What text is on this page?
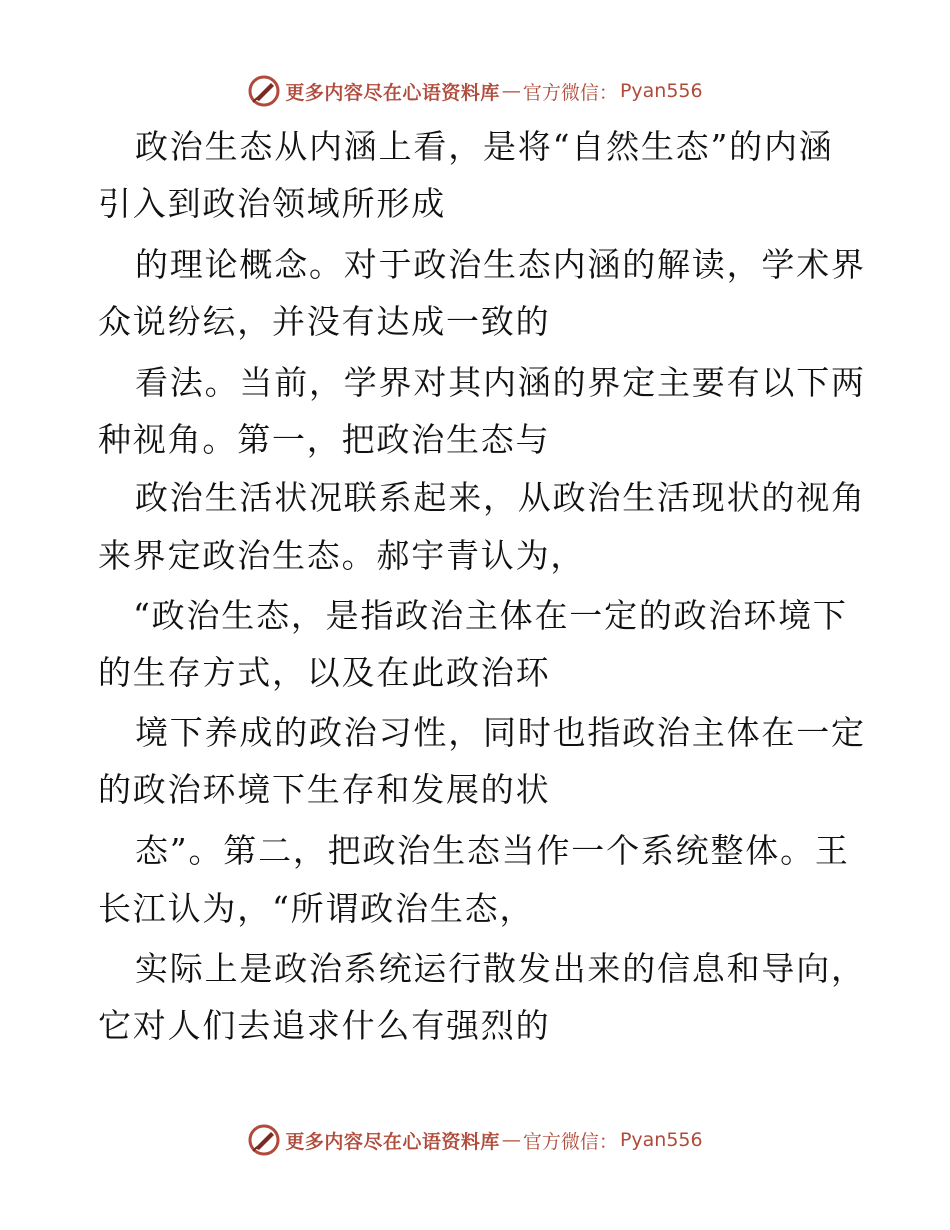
更多内容尽在心语资料库 — 官方微信： Pyan556
政治生态从内涵上看，是将“自然生态”的内涵
引入到政治领域所形成
的理论概念。对于政治生态内涵的解读，学术界
众说纷纭，并没有达成一致的
看法。当前，学界对其内涵的界定主要有以下两
种视角。第一，把政治生态与
政治生活状况联系起来，从政治生活现状的视角
来界定政治生态。郝宇青认为，
“政治生态，是指政治主体在一定的政治环境下
的生存方式，以及在此政治环
境下养成的政治习性，同时也指政治主体在一定
的政治环境下生存和发展的状
态”。第二，把政治生态当作一个系统整体。王
长江认为，“所谓政治生态，
实际上是政治系统运行散发出来的信息和导向，
它对人们去追求什么有强烈的
更多内容尽在心语资料库 — 官方微信： Pyan556
